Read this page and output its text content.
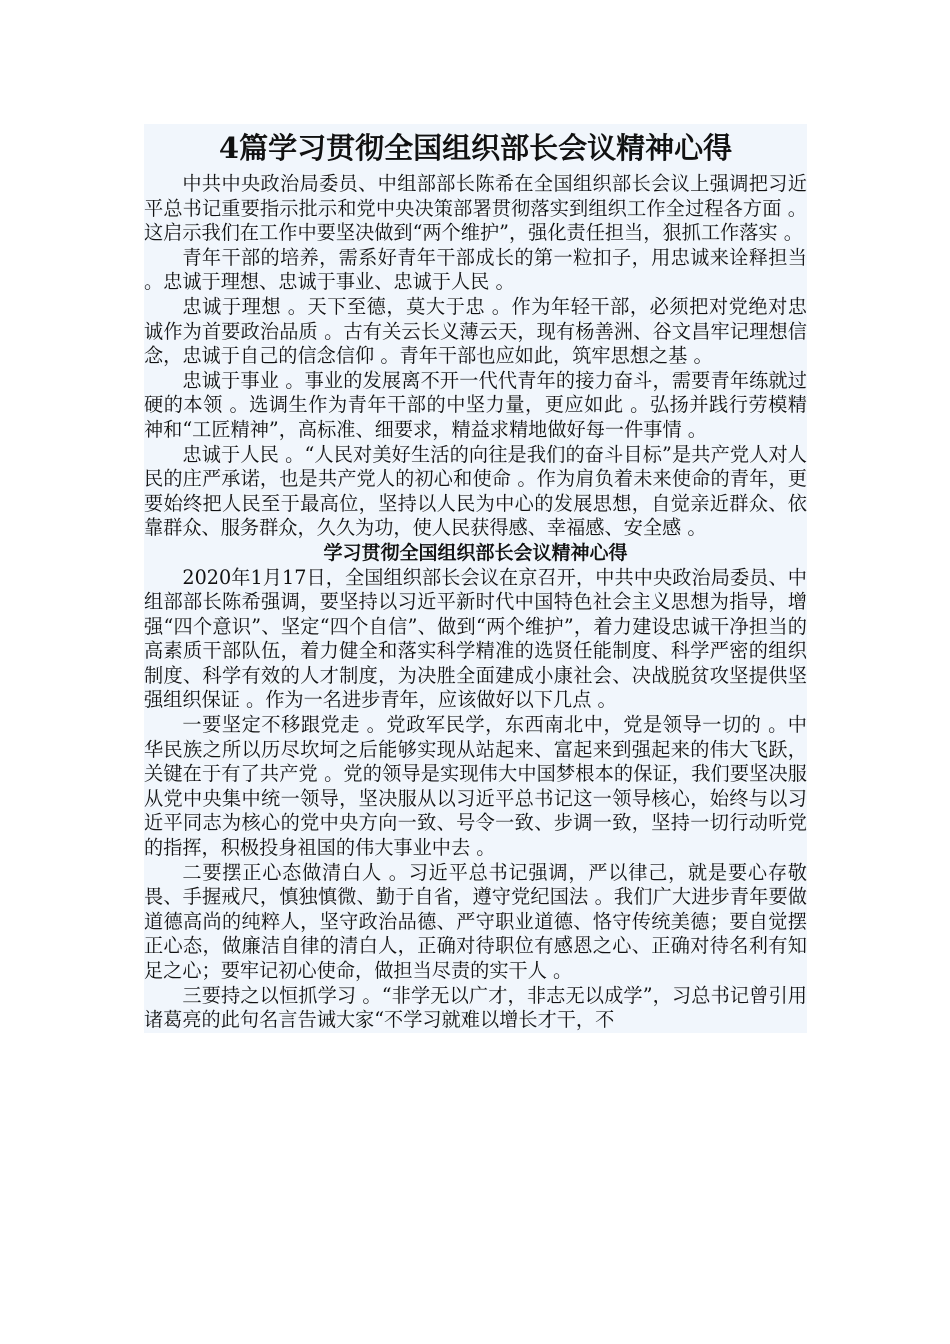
4篇学习贯彻全国组织部长会议精神心得

中共中央政治局委员、中组部部长陈希在全国组织部长会议上强调把习近平总书记重要指示批示和党中央决策部署贯彻落实到组织工作全过程各方面 。这启示我们在工作中要坚决做到“两个维护”，强化责任担当，狠抓工作落实 。

青年干部的培养，需系好青年干部成长的第一粒扣子，用忠诚来诠释担当 。忠诚于理想、忠诚于事业、忠诚于人民 。

忠诚于理想 。天下至德，莫大于忠 。作为年轻干部，必须把对党绝对忠诚作为首要政治品质 。古有关云长义薄云天，现有杨善洲、谷文昌牢记理想信念，忠诚于自己的信念信仰 。青年干部也应如此，筑牢思想之基 。

忠诚于事业 。事业的发展离不开一代代青年的接力奋斗，需要青年练就过硬的本领 。选调生作为青年干部的中坚力量，更应如此 。弘扬并践行劳模精神和“工匠精神”，高标准、细要求，精益求精地做好每一件事情 。

忠诚于人民 。“人民对美好生活的向往是我们的奋斗目标”是共产党人对人民的庄严承诺，也是共产党人的初心和使命 。作为肩负着未来使命的青年，更要始终把人民至于最高位，坚持以人民为中心的发展思想，自觉亲近群众、依靠群众、服务群众，久久为功，使人民获得感、幸福感、安全感 。

学习贯彻全国组织部长会议精神心得

2020年1月17日，全国组织部长会议在京召开，中共中央政治局委员、中组部部长陈希强调，要坚持以习近平新时代中国特色社会主义思想为指导，增强“四个意识”、坚定“四个自信”、做到“两个维护”，着力建设忠诚干净担当的高素质干部队伍，着力健全和落实科学精准的选贤任能制度、科学严密的组织制度、科学有效的人才制度，为决胜全面建成小康社会、决战脱贫攻坚提供坚强组织保证 。作为一名进步青年，应该做好以下几点 。

一要坚定不移跟党走 。党政军民学，东西南北中，党是领导一切的 。中华民族之所以历尽坎坷之后能够实现从站起来、富起来到强起来的伟大飞跃，关键在于有了共产党 。党的领导是实现伟大中国梦根本的保证，我们要坚决服从党中央集中统一领导，坚决服从以习近平总书记这一领导核心，始终与以习近平同志为核心的党中央方向一致、号令一致、步调一致，坚持一切行动听党的指挥，积极投身祖国的伟大事业中去 。

二要摆正心态做清白人 。习近平总书记强调，严以律己，就是要心存敬畏、手握戒尺，慎独慎微、勤于自省，遵守党纪国法 。我们广大进步青年要做道德高尚的纯粹人，坚守政治品德、严守职业道德、恪守传统美德；要自觉摆正心态，做廉洁自律的清白人，正确对待职位有感恩之心、正确对待名利有知足之心；要牢记初心使命，做担当尽责的实干人 。

三要持之以恒抓学习 。“非学无以广才，非志无以成学”，习总书记曾引用诸葛亮的此句名言告诫大家“不学习就难以增长才干，不
